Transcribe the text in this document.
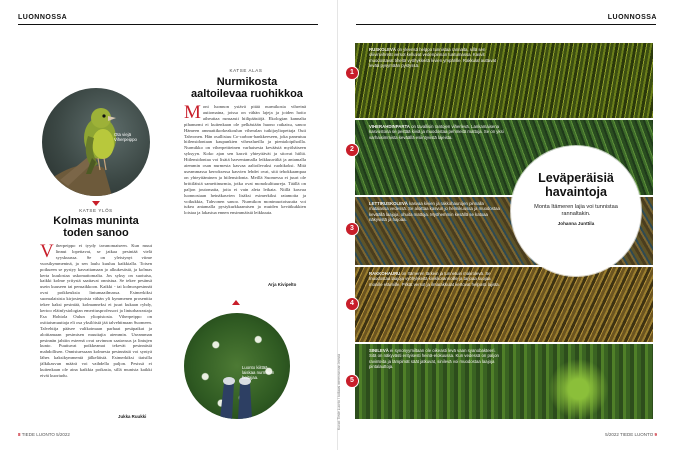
LUONNOSSA
Ota viejä
Viherpeippo
KATSE YLÖS
Kolmas muninta toden sanoo
Viherpeippo ei tyydy tavanomaiseen. Kun muut linnut lopettavat, se jatkaa pesintää vielä syyskuussa. Se on yleistynyt viime vuosikymmeninä, ja sen laulu kuuluu kaikkialla. Toisen poikueen se pystyy kasvattamaan jo alkukesästä, ja kolmas kerta kuulostaa uskomattomalta. Jos syksy on suotuisa, kaikki kolme yritystä saattavat onnistua. Se tekee pesänsä usein kuuseen tai pensaikkoon. Kaikki - tai kolmospesinnät ovat poikkeuksia lintumaailmassa. Esimerkiksi suomalaisista kirjosiepoista vähän yli kymmenen prosenttia tekee kaksi pesintää, kolmanneksi ei juuri kukaan ryhdy, kertoo eläinfysiologian emeritusprofessori ja linturharrastaja Esa Hohtola Oulun yliopistosta. Viherpeippo on osittaismuuttaja eli osa yksilöistä jää talvehtimaan Suomeen. Talvehtija pääsee valikoimaan parhaat pesäpaikat ja aloittamaan pesimisen muuttajia aiemmin. Useamman pesinnän jahtiin esteenä ovat ravinnon saatavuus ja lintujen kunto. Puuttuvat poikkeamat tekevät pesinnästä mahdollisen. Onnistuessaan kolmesta pesinnästä voi syntyä lähes kaksikymmentä jälkeläistä. Esimerkiksi tiaisilla jälkikasvun määrä voi vaihdella paljon. Pesissä ei kuitenkaan ole aina kaikkia poikasia, sillä munista kaikki eivät kuoriudu.
Jukka Ruukki
KATSE ALAS
Nurmikosta aaltoilevaa ruohikkoa
Moni luonnon ystävä pitää nurmikosta vihreinä autiomaina, joissa on vähän lajeja ja joiden hoito aiheuttaa runsaasti hiilipäästöjä. Ekologian kannalta pihanurmi ei kuitenkaan ole pelkästään huono ratkaisu, sanoo Hämeen ammattikorkeakoulun viheralan tutkijayliopettaja Outi Tahvonen. Hän osallistuu Co-carbon-hankkeeseen, joka paneutuu hiilensidontaan kaupunkien viheralueilla ja pientaloipihoilla. Nurmikko on viherpeitteinen varhaisesta keväästä myöhäiseen syksyyn. Koko ajan sen kasvit yhteyttävät ja sitovat hiiltä. Hiilensidontaa voi lisätä harventamalla leikkuuväliä ja antamalla aiemmin osan nurmesta kasvaa aaltoilevaksi ruohikoksi. Mitä useammassa kerroksessa kasvien lehdet ovat, sitä tehokkaampaa on yhteyttäminen ja hiilensidonta. Meillä Suomessa ei juuri ole brittiläisiä samettinurmia, jotka ovat monokulttuureja. Täällä on paljon joutomaita, joita ei vain aleta leikata. Niillä kasvaa luonnostaan heinäkasvien lisäksi esimerkiksi ratamoita ja voikukkia, Tahvonen sanoo. Nurmikon monimuotoisuutta voi tukea antamalla pystykurkkaamisen ja muiden kevätkukkien loistaa ja lakastua ennen ensimmäistä leikkuuta.
Arja Kivipelto
Luonto kiittää laiskaa nurmikon hoitajaa.
8 TIEDE LUONTO 5/2022
LUONNOSSA
5/2022 TIEDE LUONTO 9
RUSKOLEVÄ on yleensä helppo tunnistaa rannalta, sillä sen oliivinvihreät versot kelluvat vedenpinnan tuntumassa. Kasvit muodostavat tiheitä vyöhykkeitä kivien ympärille. Rakkulat auttavat levää pysymään pystyssä.
VIHERAHDINPARTA on tavallisin rantojen viherlevä. Lankamaisena kasvustona se peittää kiviä ja muodostaa pehmeitä mattoja. Se on yksi varhaisimmista keväällä esiintyvistä lajeista.
LETTIRUSKOLEVÄ kasvaa kivien ja rakkohaurojen pinnalla matalassa vedessä. Se aloittaa kasvun jo helmikuussa ja muodostaa keväällä laajoja, ohuita mattoja. Myöhemmin kesällä se katoaa näkyvistä ja hajoaa.
RAKKOHAURU on Itämeren tärkein ja tunnetuin makrolevä. Se muodostaa laajoja vyöhykkeitä kivikkorannoille ja tarjoaa suojaa monille eläimille. Pitkät versot ja ilmarakkulat kertovat helposti lajista.
SINILEVÄ ei synonyymiltaan ole oikeasti levä vaan syanobakteeri. Sitä on näkyvästi erityisesti heinä-elokuussa. Kun vedessä on paljon ravinteita ja lämpimät säät jatkuvat, sinilevä voi muodostaa laajoja pintalauttoja.
1
2
3
4
5
Leväperäisiä havaintoja
Monta Itämeren lajia voi tunnistaa rannaltakin.
Johanna Junttila
Kuvat: Tiede Luonto / kollaasi merenrannan levistä
